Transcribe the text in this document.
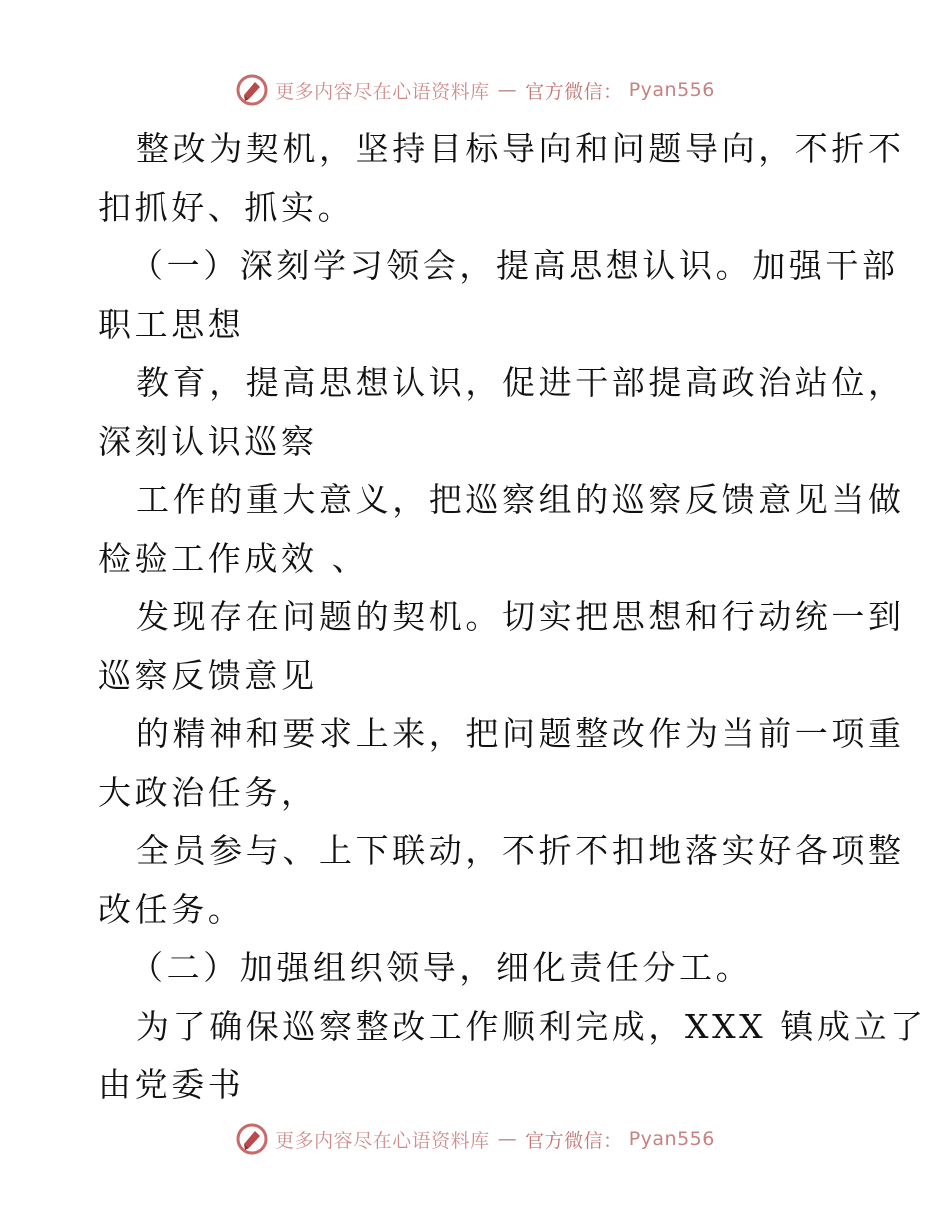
更多内容尽在心语资料库 — 官方微信： Pyan556
整改为契机，坚持目标导向和问题导向，不折不
扣抓好、抓实。
（一）深刻学习领会，提高思想认识。加强干部
职工思想
教育，提高思想认识，促进干部提高政治站位，
深刻认识巡察
工作的重大意义，把巡察组的巡察反馈意见当做
检验工作成效 、
发现存在问题的契机。切实把思想和行动统一到
巡察反馈意见
的精神和要求上来，把问题整改作为当前一项重
大政治任务，
全员参与、上下联动，不折不扣地落实好各项整
改任务。
（二）加强组织领导，细化责任分工。
为了确保巡察整改工作顺利完成，XXX 镇成立了
由党委书
更多内容尽在心语资料库 — 官方微信： Pyan556
